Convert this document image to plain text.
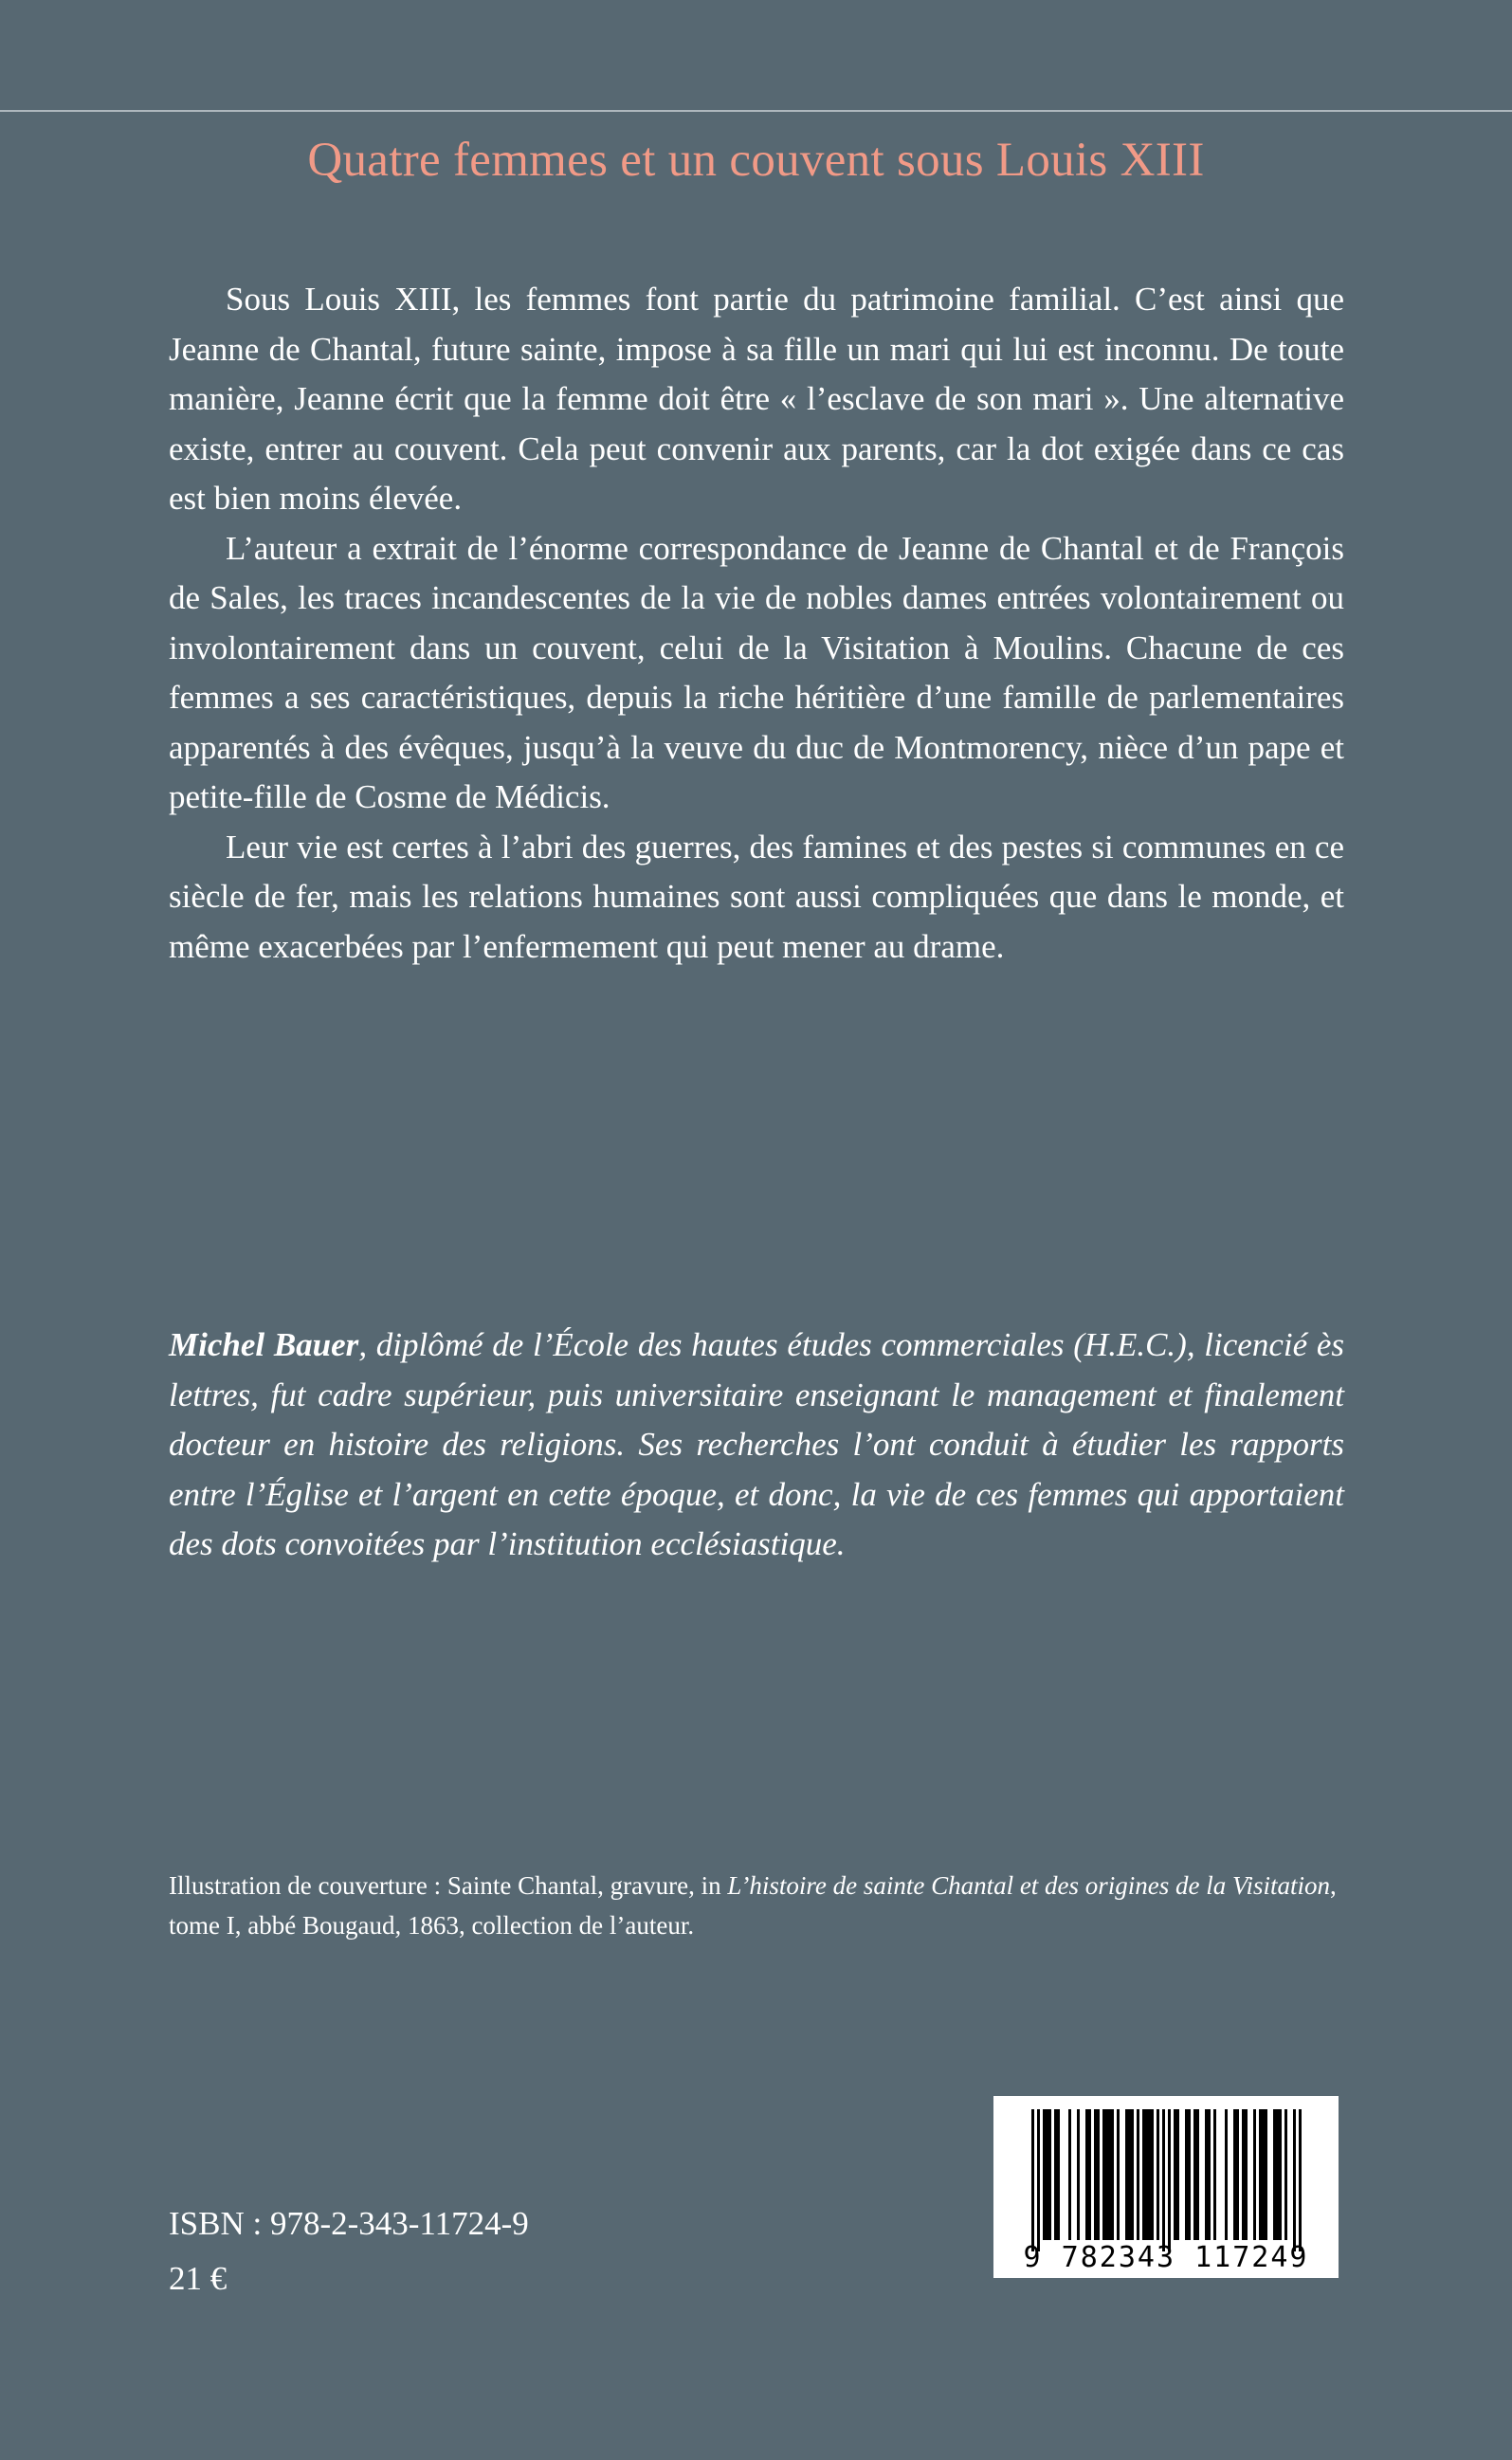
Quatre femmes et un couvent sous Louis XIII

Sous Louis XIII, les femmes font partie du patrimoine familial. C’est ainsi que Jeanne de Chantal, future sainte, impose à sa fille un mari qui lui est inconnu. De toute manière, Jeanne écrit que la femme doit être « l’esclave de son mari ». Une alternative existe, entrer au couvent. Cela peut convenir aux parents, car la dot exigée dans ce cas est bien moins élevée.

L’auteur a extrait de l’énorme correspondance de Jeanne de Chantal et de François de Sales, les traces incandescentes de la vie de nobles dames entrées volontairement ou involontairement dans un couvent, celui de la Visitation à Moulins. Chacune de ces femmes a ses caractéristiques, depuis la riche héritière d’une famille de parlementaires apparentés à des évêques, jusqu’à la veuve du duc de Montmorency, nièce d’un pape et petite-fille de Cosme de Médicis.

Leur vie est certes à l’abri des guerres, des famines et des pestes si communes en ce siècle de fer, mais les relations humaines sont aussi compliquées que dans le monde, et même exacerbées par l’enfermement qui peut mener au drame.

Michel Bauer, diplômé de l’École des hautes études commerciales (H.E.C.), licencié ès lettres, fut cadre supérieur, puis universitaire enseignant le management et finalement docteur en histoire des religions. Ses recherches l’ont conduit à étudier les rapports entre l’Église et l’argent en cette époque, et donc, la vie de ces femmes qui apportaient des dots convoitées par l’institution ecclésiastique.

Illustration de couverture : Sainte Chantal, gravure, in L’histoire de sainte Chantal et des origines de la Visitation, tome I, abbé Bougaud, 1863, collection de l’auteur.

ISBN : 978-2-343-11724-9
21 €
9 782343 117249
